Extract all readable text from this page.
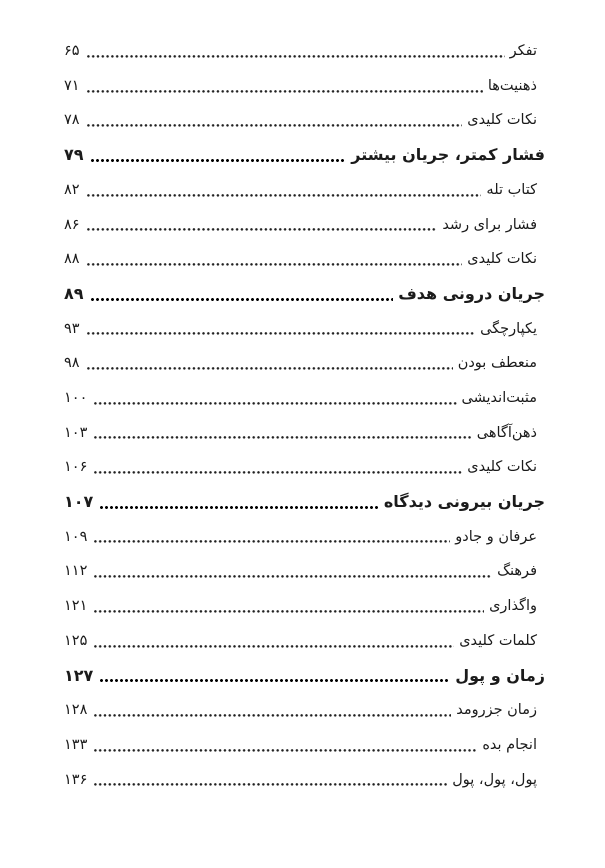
تفکر
۶۵
ذهنیت‌ها
۷۱
نکات کلیدی
۷۸
فشار کمتر، جریان بیشتر
۷۹
کتاب تله
۸۲
فشار برای رشد
۸۶
نکات کلیدی
۸۸
جریان درونی هدف
۸۹
یکپارچگی
۹۳
منعطف بودن
۹۸
مثبت‌اندیشی
۱۰۰
ذهن‌آگاهی
۱۰۳
نکات کلیدی
۱۰۶
جریان بیرونی دیدگاه
۱۰۷
عرفان و جادو
۱۰۹
فرهنگ
۱۱۲
واگذاری
۱۲۱
کلمات کلیدی
۱۲۵
زمان و پول
۱۲۷
زمان جزرومد
۱۲۸
انجام بده
۱۳۳
پول، پول، پول
۱۳۶
